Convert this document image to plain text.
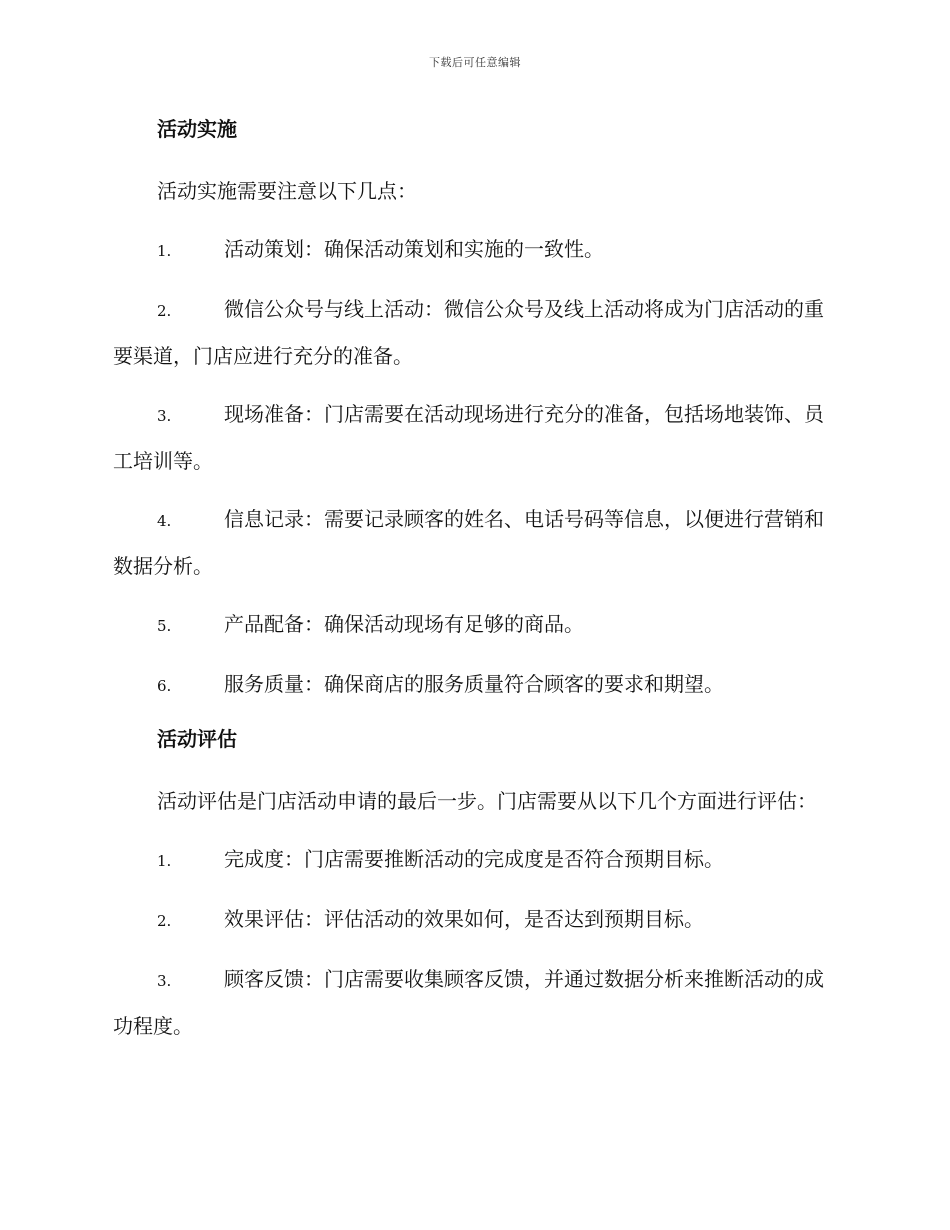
下载后可任意编辑
活动实施

活动实施需要注意以下几点：

1.	活动策划：确保活动策划和实施的一致性。

2.	微信公众号与线上活动：微信公众号及线上活动将成为门店活动的重要渠道，门店应进行充分的准备。

3.	现场准备：门店需要在活动现场进行充分的准备，包括场地装饰、员工培训等。

4.	信息记录：需要记录顾客的姓名、电话号码等信息，以便进行营销和数据分析。

5.	产品配备：确保活动现场有足够的商品。

6.	服务质量：确保商店的服务质量符合顾客的要求和期望。

活动评估

活动评估是门店活动申请的最后一步。门店需要从以下几个方面进行评估：

1.	完成度：门店需要推断活动的完成度是否符合预期目标。

2.	效果评估：评估活动的效果如何，是否达到预期目标。

3.	顾客反馈：门店需要收集顾客反馈，并通过数据分析来推断活动的成功程度。
